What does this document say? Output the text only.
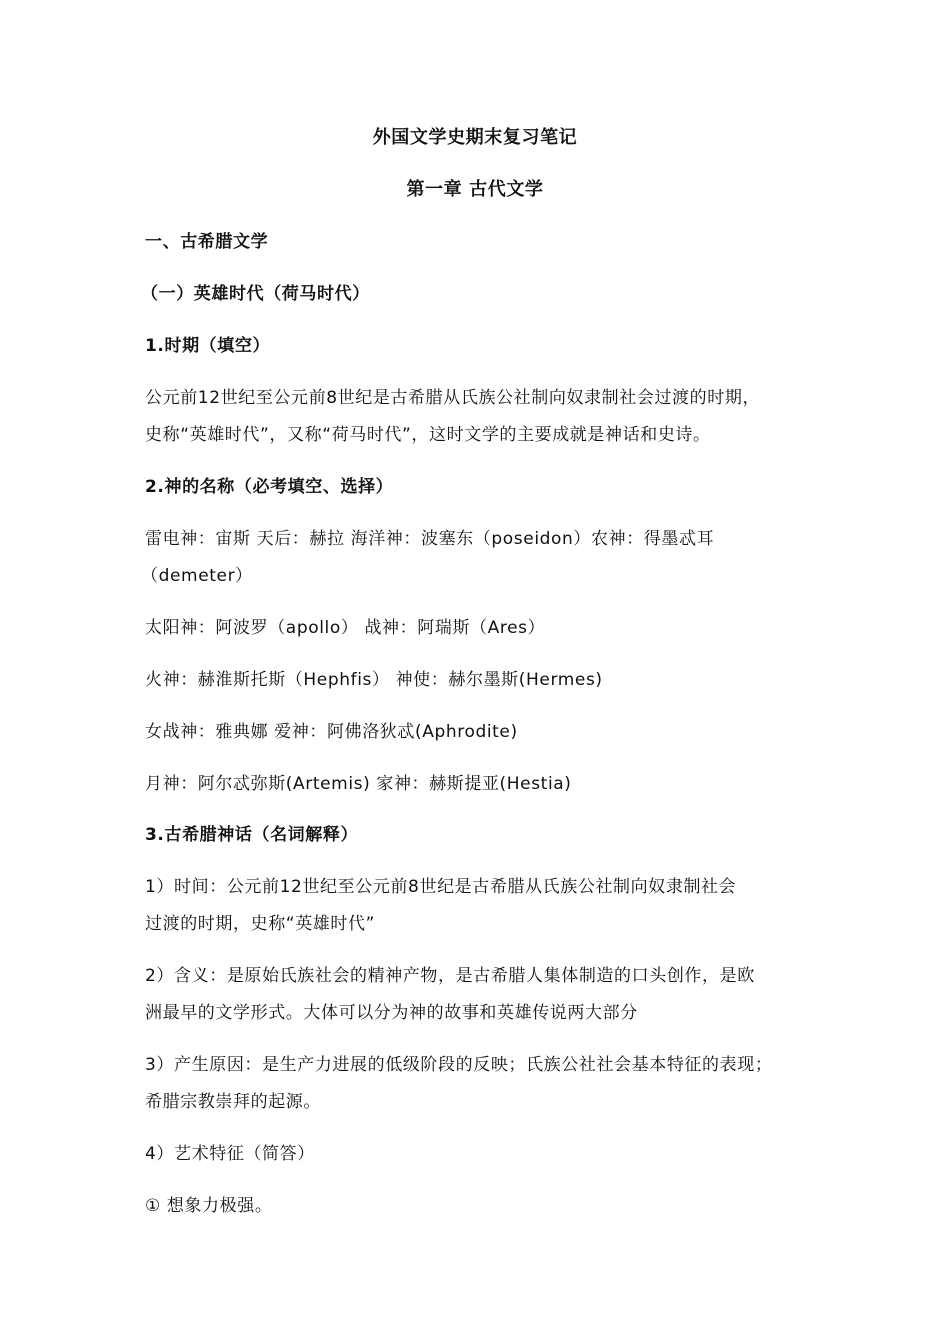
外国文学史期末复习笔记
第一章 古代文学
一、古希腊文学
（一）英雄时代（荷马时代）
1.时期（填空）
公元前12世纪至公元前8世纪是古希腊从氏族公社制向奴隶制社会过渡的时期，
史称“英雄时代”，又称“荷马时代”，这时文学的主要成就是神话和史诗。
2.神的名称（必考填空、选择）
雷电神：宙斯 天后：赫拉 海洋神：波塞东（poseidon）农神：得墨忒耳
（demeter）
太阳神：阿波罗（apollo） 战神：阿瑞斯（Ares）
火神：赫淮斯托斯（Hephfis） 神使：赫尔墨斯(Hermes)
女战神：雅典娜 爱神：阿佛洛狄忒(Aphrodite)
月神：阿尔忒弥斯(Artemis) 家神：赫斯提亚(Hestia)
3.古希腊神话（名词解释）
1）时间：公元前12世纪至公元前8世纪是古希腊从氏族公社制向奴隶制社会
过渡的时期，史称“英雄时代”
2）含义：是原始氏族社会的精神产物，是古希腊人集体制造的口头创作，是欧
洲最早的文学形式。大体可以分为神的故事和英雄传说两大部分
3）产生原因：是生产力进展的低级阶段的反映；氏族公社社会基本特征的表现；
希腊宗教崇拜的起源。
4）艺术特征（简答）
① 想象力极强。
